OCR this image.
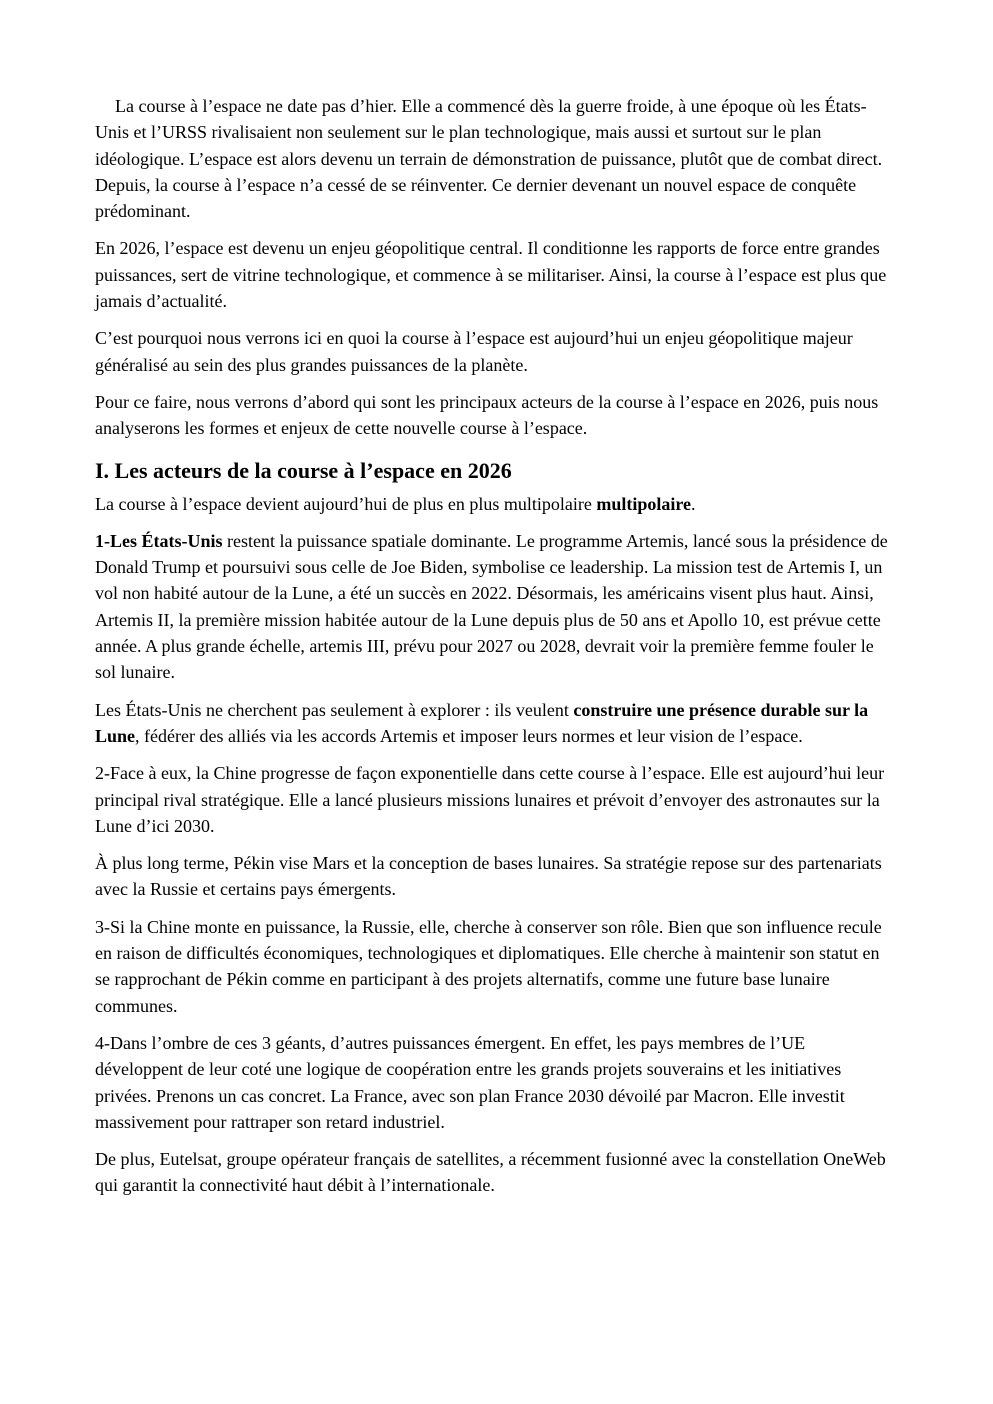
La course à l’espace ne date pas d’hier. Elle a commencé dès la guerre froide, à une époque où les États-Unis et l’URSS rivalisaient non seulement sur le plan technologique, mais aussi et surtout sur le plan idéologique. L’espace est alors devenu un terrain de démonstration de puissance, plutôt que de combat direct. Depuis, la course à l’espace n’a cessé de se réinventer. Ce dernier devenant un nouvel espace de conquête prédominant.

En 2026, l’espace est devenu un enjeu géopolitique central. Il conditionne les rapports de force entre grandes puissances, sert de vitrine technologique, et commence à se militariser. Ainsi, la course à l’espace est plus que jamais d’actualité.

C’est pourquoi nous verrons ici en quoi la course à l’espace est aujourd’hui un enjeu géopolitique majeur généralisé au sein des plus grandes puissances de la planète.

Pour ce faire, nous verrons d’abord qui sont les principaux acteurs de la course à l’espace en 2026, puis nous analyserons les formes et enjeux de cette nouvelle course à l’espace.

I. Les acteurs de la course à l’espace en 2026

La course à l’espace devient aujourd’hui de plus en plus multipolaire multipolaire.

1-Les États-Unis restent la puissance spatiale dominante. Le programme Artemis, lancé sous la présidence de Donald Trump et poursuivi sous celle de Joe Biden, symbolise ce leadership. La mission test de Artemis I, un vol non habité autour de la Lune, a été un succès en 2022. Désormais, les américains visent plus haut. Ainsi, Artemis II, la première mission habitée autour de la Lune depuis plus de 50 ans et Apollo 10, est prévue cette année. A plus grande échelle, artemis III, prévu pour 2027 ou 2028, devrait voir la première femme fouler le sol lunaire.

Les États-Unis ne cherchent pas seulement à explorer : ils veulent construire une présence durable sur la Lune, fédérer des alliés via les accords Artemis et imposer leurs normes et leur vision de l’espace.

2-Face à eux, la Chine progresse de façon exponentielle dans cette course à l’espace. Elle est aujourd’hui leur principal rival stratégique. Elle a lancé plusieurs missions lunaires et prévoit d’envoyer des astronautes sur la Lune d’ici 2030.

À plus long terme, Pékin vise Mars et la conception de bases lunaires. Sa stratégie repose sur des partenariats avec la Russie et certains pays émergents.

3-Si la Chine monte en puissance, la Russie, elle, cherche à conserver son rôle. Bien que son influence recule en raison de difficultés économiques, technologiques et diplomatiques. Elle cherche à maintenir son statut en se rapprochant de Pékin comme en participant à des projets alternatifs, comme une future base lunaire communes.

4-Dans l’ombre de ces 3 géants, d’autres puissances émergent. En effet, les pays membres de l’UE développent de leur coté une logique de coopération entre les grands projets souverains et les initiatives privées. Prenons un cas concret. La France, avec son plan France 2030 dévoilé par Macron. Elle investit massivement pour rattraper son retard industriel.

De plus, Eutelsat, groupe opérateur français de satellites, a récemment fusionné avec la constellation OneWeb qui garantit la connectivité haut débit à l’internationale.
